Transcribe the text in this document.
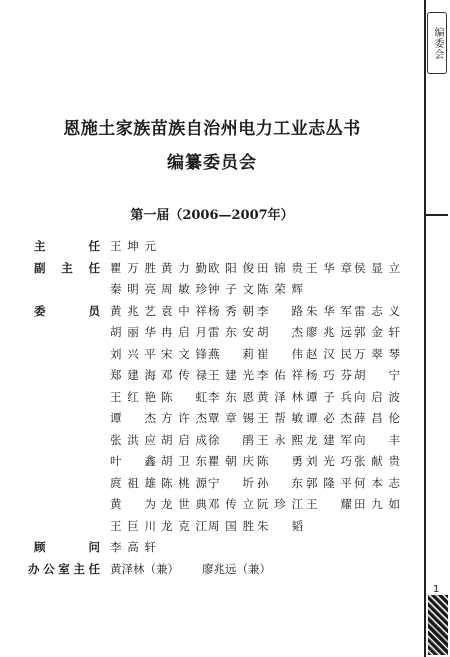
编委会
1
恩施土家族苗族自治州电力工业志丛书
编纂委员会
第一届（2006—2007年）
主任 王坤元
副主任 瞿万胜 黄力勤 欧阳俊 田锦贵 王华章 侯显立
秦明亮 周敏珍 钟子文 陈荣辉
委员 黄兆艺 袁中祥 杨秀朝 李路 朱华军 雷志义
胡丽华 冉启月 雷东安 胡杰 廖兆远 郭金轩
刘兴平 宋文锋 燕莉 崔伟 赵汉民 万翠琴
郑建海 邓传禄 王建光 李佑祥 杨巧芬 胡宁
王红艳 陈虹 李东恩 黄泽林 谭子兵 向启波
谭杰 方许杰 覃章锡 王帮敏 谭必杰 薛昌伦
张洪应 胡启成 徐鹃 王永熙 龙建军 向丰
叶鑫 胡卫东 瞿朝庆 陈勇 刘光巧 张献贵
庹祖雄 陈桃源 宁圻 孙东 郭隆平 何本志
黄为 龙世典 邓传立 阮珍江 王耀 田九如
王巨川 龙克江 周国胜 朱韬
顾问 李高轩
办公室主任 黄泽林（兼） 廖兆远（兼）
